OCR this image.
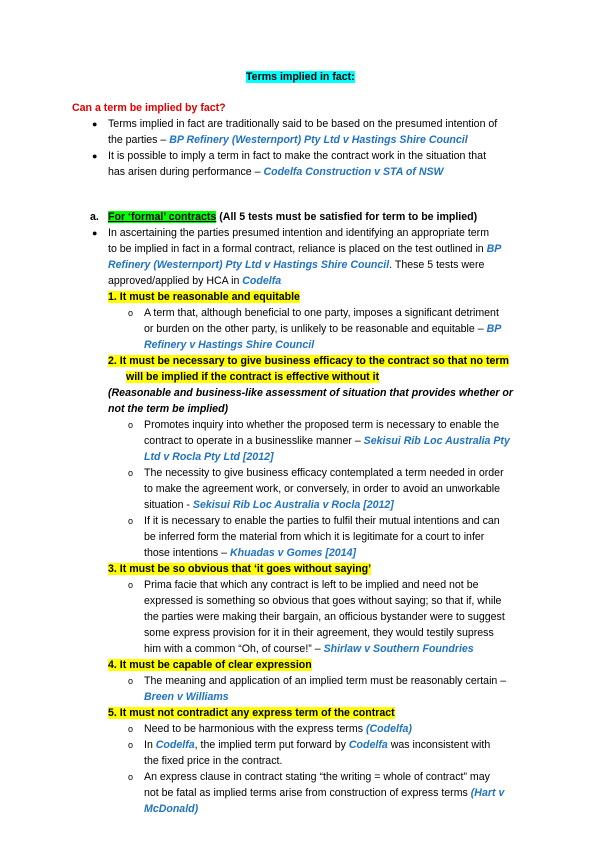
Terms implied in fact:
Can a term be implied by fact?
● Terms implied in fact are traditionally said to be based on the presumed intention of
the parties – BP Refinery (Westernport) Pty Ltd v Hastings Shire Council
● It is possible to imply a term in fact to make the contract work in the situation that
has arisen during performance – Codelfa Construction v STA of NSW
a. For ‘formal’ contracts (All 5 tests must be satisfied for term to be implied)
● In ascertaining the parties presumed intention and identifying an appropriate term
to be implied in fact in a formal contract, reliance is placed on the test outlined in BP
Refinery (Westernport) Pty Ltd v Hastings Shire Council. These 5 tests were
approved/applied by HCA in Codelfa
1. It must be reasonable and equitable
o A term that, although beneficial to one party, imposes a significant detriment
or burden on the other party, is unlikely to be reasonable and equitable – BP
Refinery v Hastings Shire Council
2. It must be necessary to give business efficacy to the contract so that no term
will be implied if the contract is effective without it
(Reasonable and business-like assessment of situation that provides whether or
not the term be implied)
o Promotes inquiry into whether the proposed term is necessary to enable the
contract to operate in a businesslike manner – Sekisui Rib Loc Australia Pty
Ltd v Rocla Pty Ltd [2012]
o The necessity to give business efficacy contemplated a term needed in order
to make the agreement work, or conversely, in order to avoid an unworkable
situation - Sekisui Rib Loc Australia v Rocla [2012]
o If it is necessary to enable the parties to fulfil their mutual intentions and can
be inferred form the material from which it is legitimate for a court to infer
those intentions – Khuadas v Gomes [2014]
3. It must be so obvious that ‘it goes without saying’
o Prima facie that which any contract is left to be implied and need not be
expressed is something so obvious that goes without saying; so that if, while
the parties were making their bargain, an officious bystander were to suggest
some express provision for it in their agreement, they would testily supress
him with a common “Oh, of course!” – Shirlaw v Southern Foundries
4. It must be capable of clear expression
o The meaning and application of an implied term must be reasonably certain –
Breen v Williams
5. It must not contradict any express term of the contract
o Need to be harmonious with the express terms (Codelfa)
o In Codelfa, the implied term put forward by Codelfa was inconsistent with
the fixed price in the contract.
o An express clause in contract stating “the writing = whole of contract” may
not be fatal as implied terms arise from construction of express terms (Hart v
McDonald)
